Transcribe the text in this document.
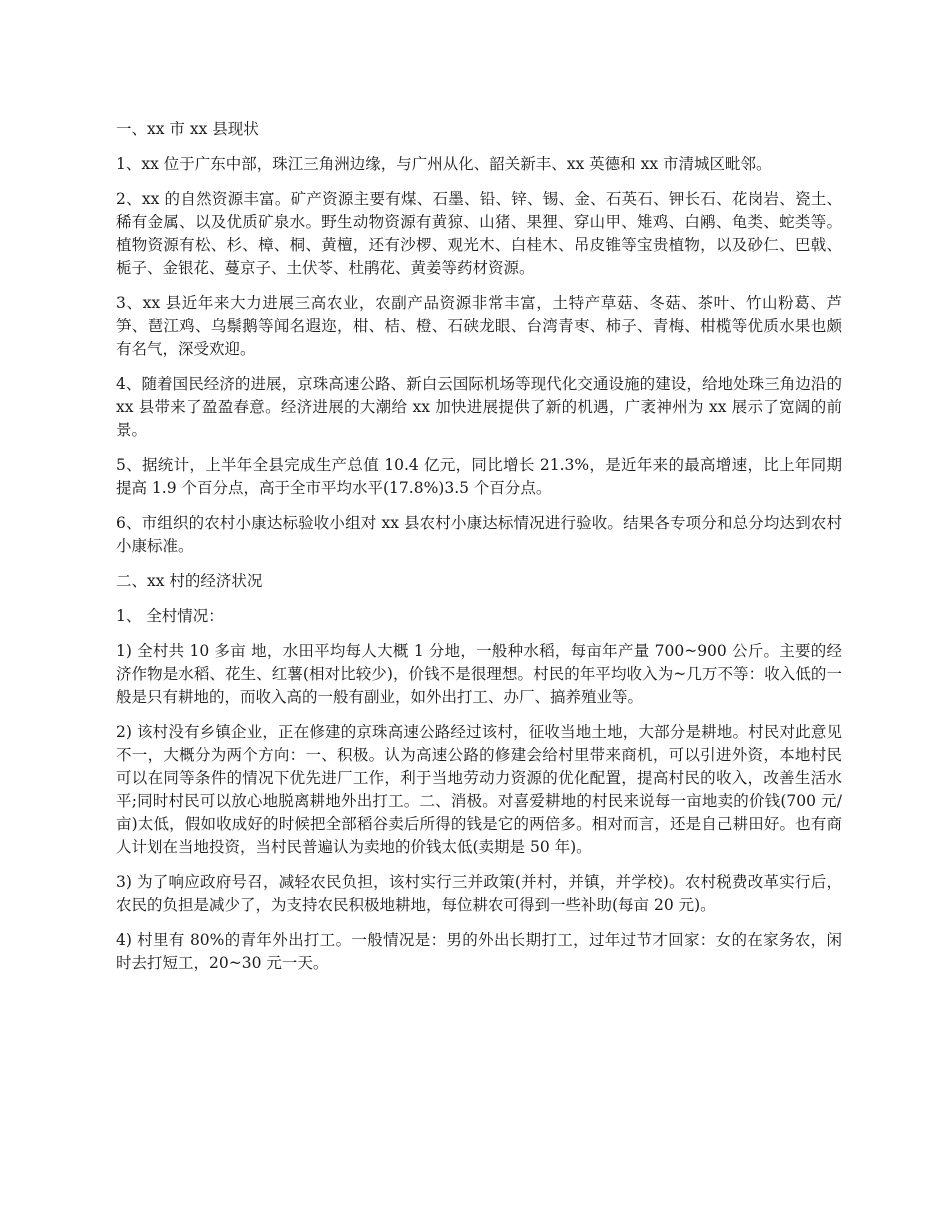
一、xx 市 xx 县现状

1、xx 位于广东中部，珠江三角洲边缘，与广州从化、韶关新丰、xx 英德和 xx 市清城区毗邻。

2、xx 的自然资源丰富。矿产资源主要有煤、石墨、铅、锌、锡、金、石英石、钾长石、花岗岩、瓷土、稀有金属、以及优质矿泉水。野生动物资源有黄猄、山猪、果狸、穿山甲、雉鸡、白鹇、龟类、蛇类等。植物资源有松、杉、樟、桐、黄檀，还有沙椤、观光木、白桂木、吊皮锥等宝贵植物，以及砂仁、巴戟、栀子、金银花、蔓京子、土伏苓、杜鹃花、黄姜等药材资源。

3、xx 县近年来大力进展三高农业，农副产品资源非常丰富，土特产草菇、冬菇、茶叶、竹山粉葛、芦笋、琶江鸡、乌鬃鹅等闻名遐迩，柑、桔、橙、石硖龙眼、台湾青枣、柿子、青梅、柑榄等优质水果也颇有名气，深受欢迎。

4、随着国民经济的进展，京珠高速公路、新白云国际机场等现代化交通设施的建设，给地处珠三角边沿的 xx 县带来了盈盈春意。经济进展的大潮给 xx 加快进展提供了新的机遇，广袤神州为 xx 展示了宽阔的前景。

5、据统计，上半年全县完成生产总值 10.4 亿元，同比增长 21.3%，是近年来的最高增速，比上年同期提高 1.9 个百分点，高于全市平均水平(17.8%)3.5 个百分点。

6、市组织的农村小康达标验收小组对 xx 县农村小康达标情况进行验收。结果各专项分和总分均达到农村小康标准。

二、xx 村的经济状况

1、 全村情况：

1) 全村共 10 多亩 地，水田平均每人大概 1 分地，一般种水稻，每亩年产量 700~900 公斤。主要的经济作物是水稻、花生、红薯(相对比较少)，价钱不是很理想。村民的年平均收入为~几万不等：收入低的一般是只有耕地的，而收入高的一般有副业，如外出打工、办厂、搞养殖业等。

2) 该村没有乡镇企业，正在修建的京珠高速公路经过该村，征收当地土地，大部分是耕地。村民对此意见不一，大概分为两个方向：一、积极。认为高速公路的修建会给村里带来商机，可以引进外资，本地村民可以在同等条件的情况下优先进厂工作，利于当地劳动力资源的优化配置，提高村民的收入，改善生活水平;同时村民可以放心地脱离耕地外出打工。二、消极。对喜爱耕地的村民来说每一亩地卖的价钱(700 元/亩)太低，假如收成好的时候把全部稻谷卖后所得的钱是它的两倍多。相对而言，还是自己耕田好。也有商人计划在当地投资，当村民普遍认为卖地的价钱太低(卖期是 50 年)。

3) 为了响应政府号召，减轻农民负担，该村实行三并政策(并村，并镇，并学校)。农村税费改革实行后，农民的负担是减少了，为支持农民积极地耕地，每位耕农可得到一些补助(每亩 20 元)。

4) 村里有 80%的青年外出打工。一般情况是：男的外出长期打工，过年过节才回家：女的在家务农，闲时去打短工，20~30 元一天。
